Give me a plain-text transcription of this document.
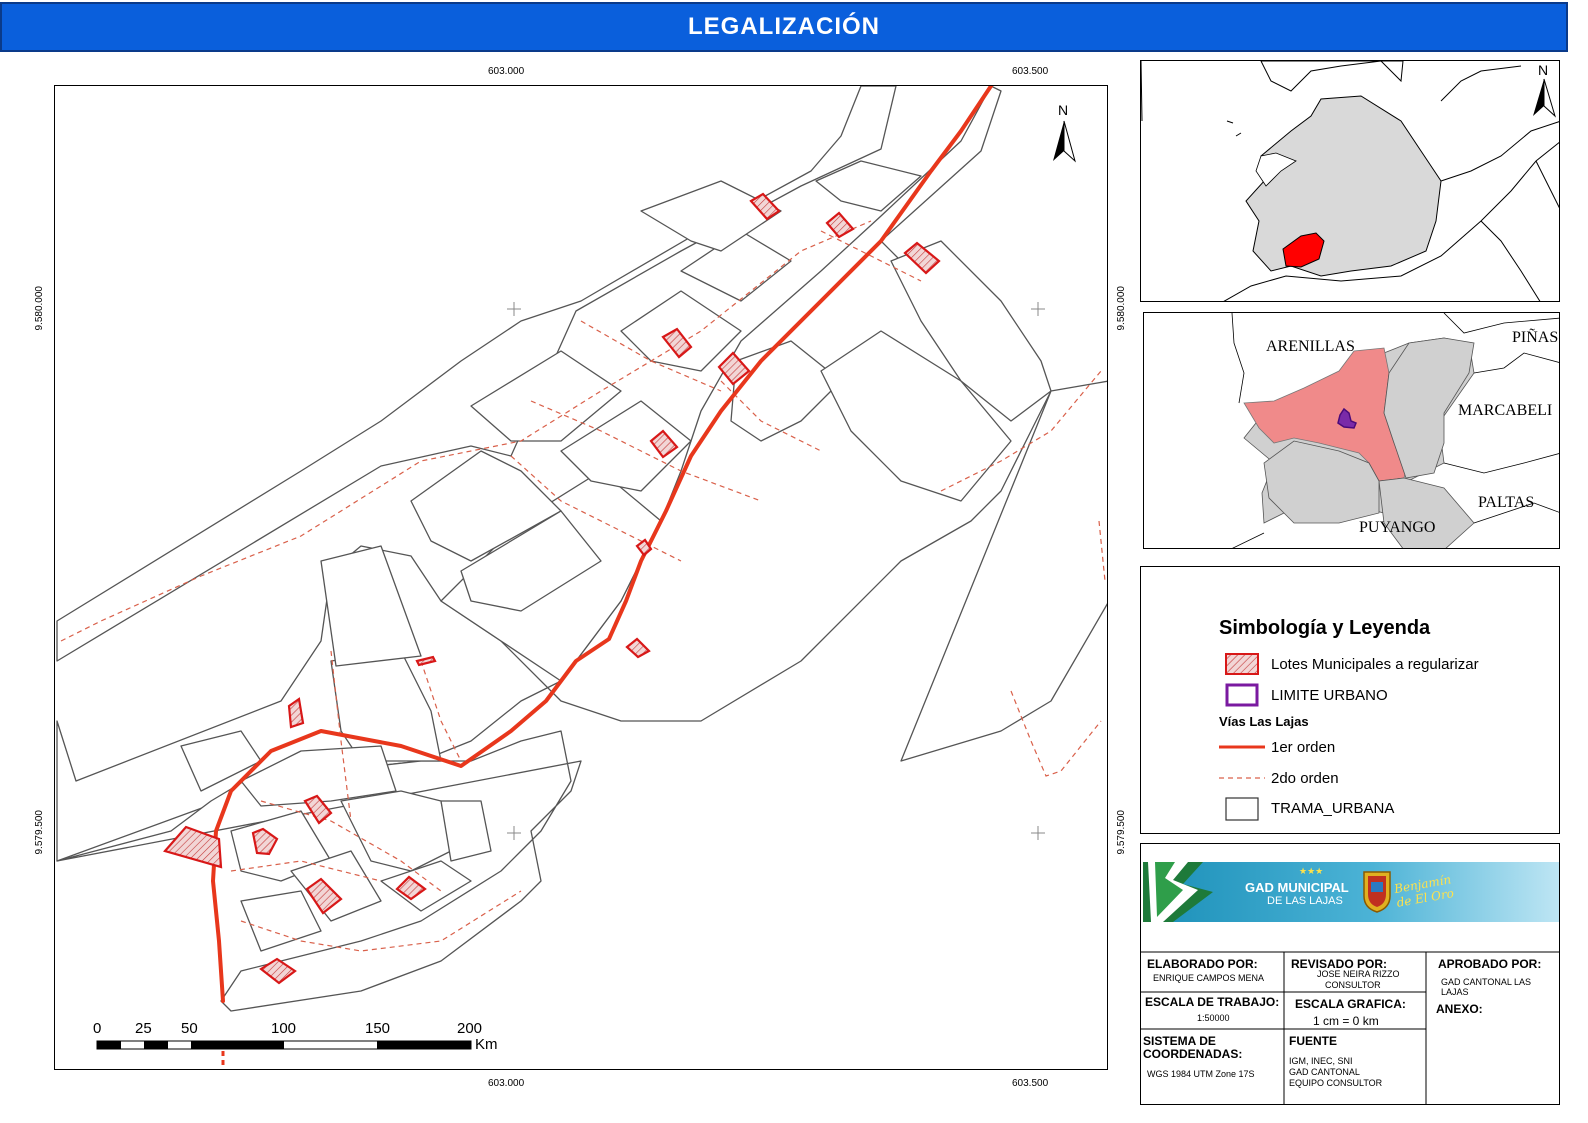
LEGALIZACIÓN
603.000	603.500
603.000	603.500
9.580.000
9.579.500
9.580.000
9.579.500
N
0 25 50	100	150	200
Km
N
ARENILLAS
PIÑAS
MARCABELI
PALTAS
PUYANGO
Simbología y Leyenda
Lotes Municipales a regularizar
LIMITE URBANO
Vías Las Lajas
1er orden
2do orden
TRAMA_URBANA
★★★
GAD MUNICIPAL
DE LAS LAJAS
Benjamín de El Oro
ELABORADO POR:
ENRIQUE CAMPOS MENA
REVISADO POR:
JOSE NEIRA RIZZO
CONSULTOR
APROBADO POR:
GAD CANTONAL LAS LAJAS
ESCALA DE TRABAJO:
1:50000
ESCALA GRAFICA:
1 cm = 0 km
ANEXO:
SISTEMA DE
COORDENADAS:
WGS 1984 UTM Zone 17S
FUENTE
IGM, INEC, SNI
GAD CANTONAL
EQUIPO CONSULTOR
